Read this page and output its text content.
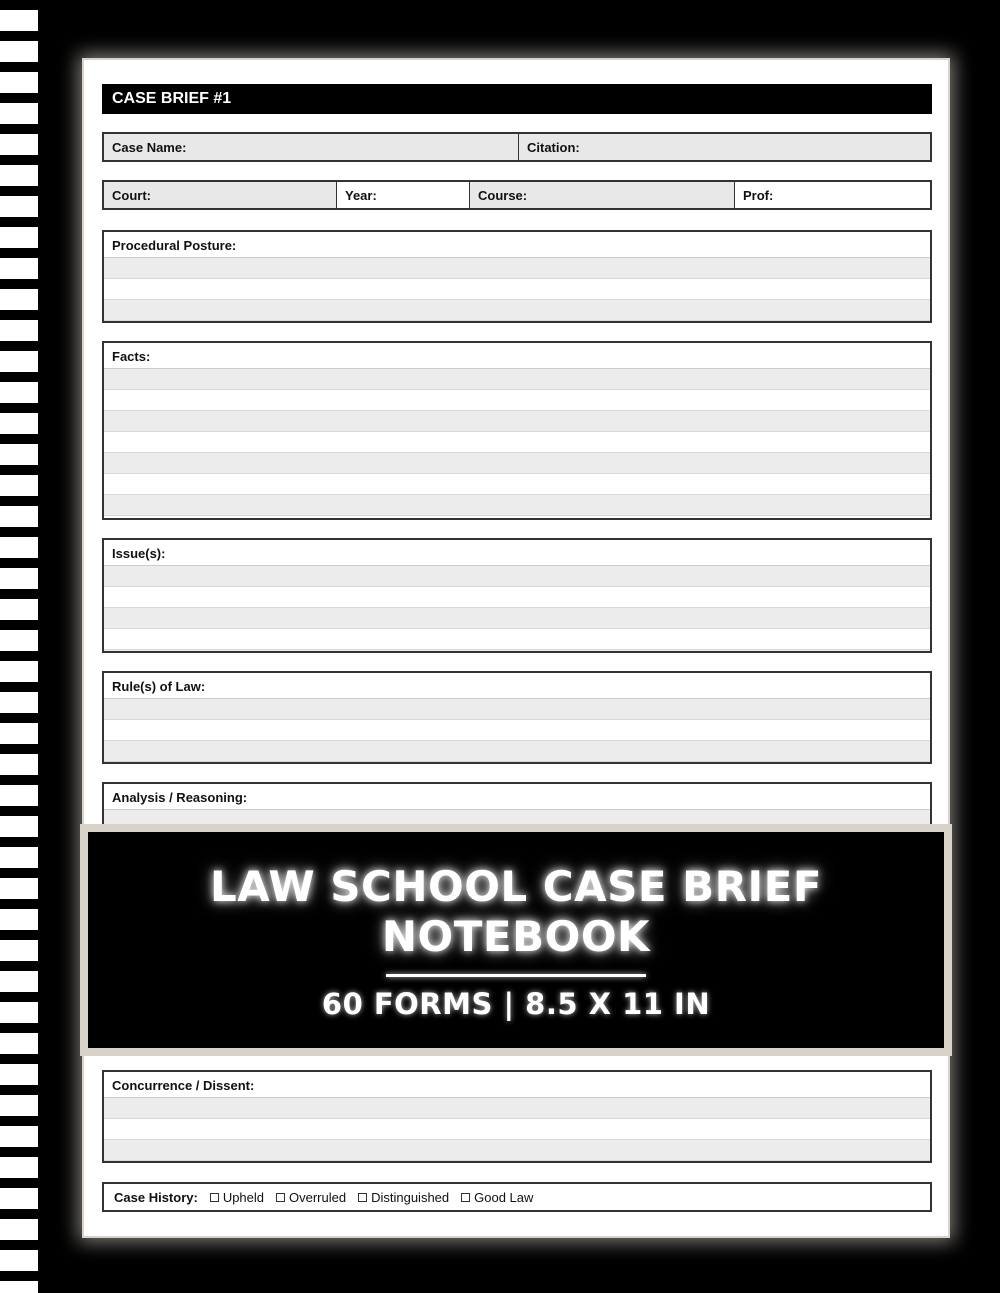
CASE BRIEF #1
Case Name:	Citation:
Court:	Year:	Course:	Prof:
Procedural Posture:
Facts:
Issue(s):
Rule(s) of Law:
Analysis / Reasoning:
Concurrence / Dissent:
Case History: Upheld Overruled Distinguished Good Law
LAW SCHOOL CASE BRIEF
NOTEBOOK
60 FORMS | 8.5 X 11 IN
